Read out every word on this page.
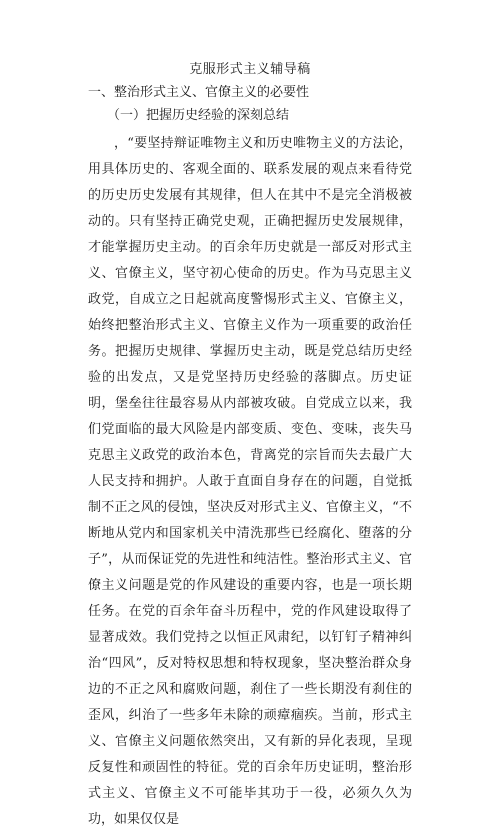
克服形式主义辅导稿
一、整治形式主义、官僚主义的必要性
（一）把握历史经验的深刻总结

，“要坚持辩证唯物主义和历史唯物主义的方法论，用具体历史的、客观全面的、联系发展的观点来看待党的历史历史发展有其规律，但人在其中不是完全消极被动的。只有坚持正确党史观，正确把握历史发展规律，才能掌握历史主动。的百余年历史就是一部反对形式主义、官僚主义，坚守初心使命的历史。作为马克思主义政党，自成立之日起就高度警惕形式主义、官僚主义，始终把整治形式主义、官僚主义作为一项重要的政治任务。把握历史规律、掌握历史主动，既是党总结历史经验的出发点，又是党坚持历史经验的落脚点。历史证明，堡垒往往最容易从内部被攻破。自党成立以来，我们党面临的最大风险是内部变质、变色、变味，丧失马克思主义政党的政治本色，背离党的宗旨而失去最广大人民支持和拥护。人敢于直面自身存在的问题，自觉抵制不正之风的侵蚀，坚决反对形式主义、官僚主义，“不断地从党内和国家机关中清洗那些已经腐化、堕落的分子”，从而保证党的先进性和纯洁性。整治形式主义、官僚主义问题是党的作风建设的重要内容，也是一项长期任务。在党的百余年奋斗历程中，党的作风建设取得了显著成效。我们党持之以恒正风肃纪，以钉钉子精神纠治“四风”，反对特权思想和特权现象，坚决整治群众身边的不正之风和腐败问题，刹住了一些长期没有刹住的歪风，纠治了一些多年未除的顽瘴痼疾。当前，形式主义、官僚主义问题依然突出，又有新的异化表现，呈现反复性和顽固性的特征。党的百余年历史证明，整治形式主义、官僚主义不可能毕其功于一役，必须久久为功，如果仅仅是
